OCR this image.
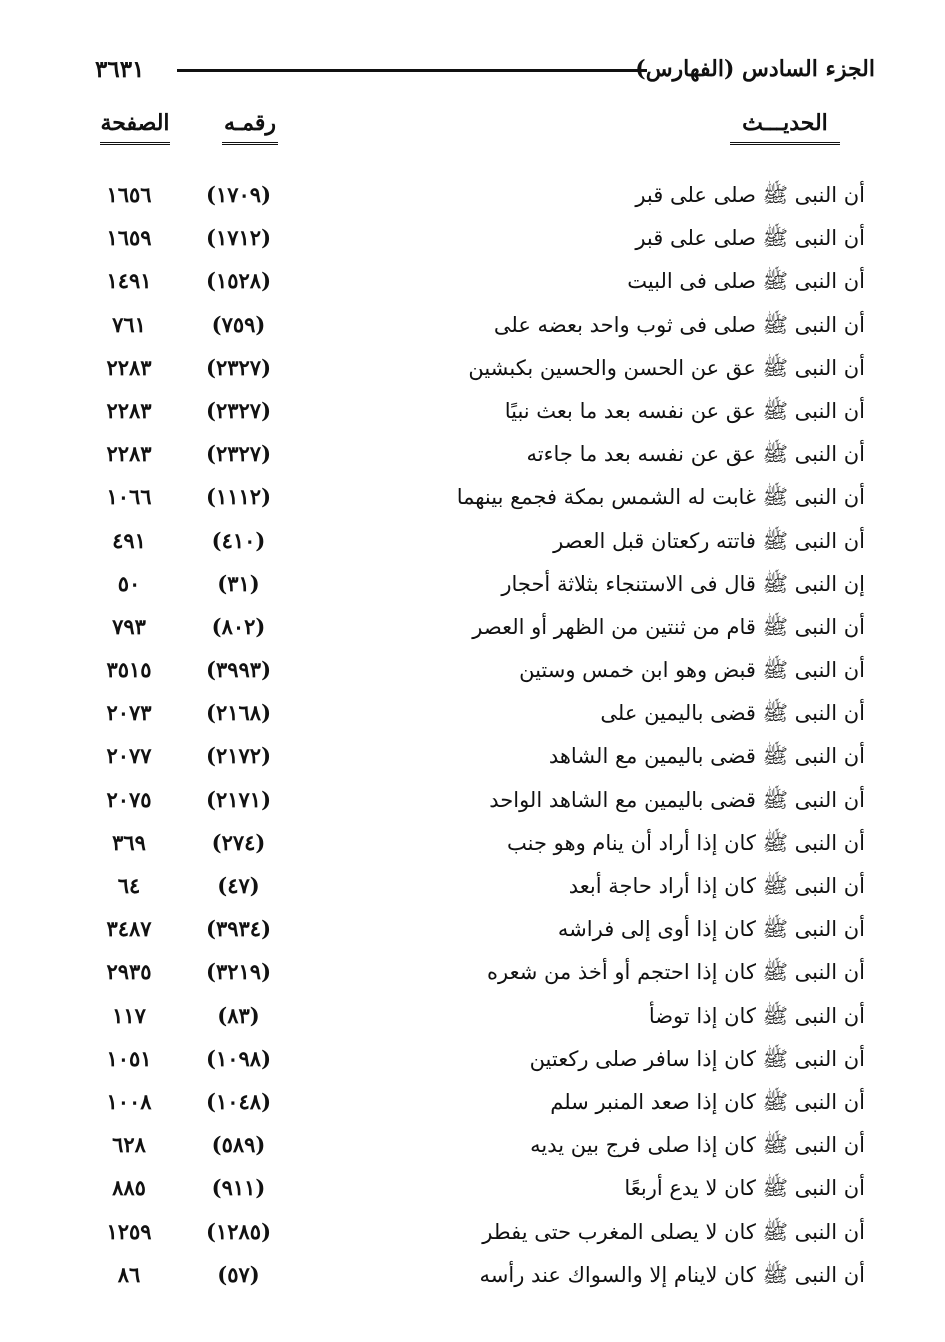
٣٦٣١	الجزء السادس (الفهارس)
الحديـــث
رقمـه
الصفحة
أن النبى ﷺ صلى على قبر
(١٧٠٩)
١٦٥٦
أن النبى ﷺ صلى على قبر
(١٧١٢)
١٦٥٩
أن النبى ﷺ صلى فى البيت
(١٥٢٨)
١٤٩١
أن النبى ﷺ صلى فى ثوب واحد بعضه على
(٧٥٩)
٧٦١
أن النبى ﷺ عق عن الحسن والحسين بكبشين
(٢٣٢٧)
٢٢٨٣
أن النبى ﷺ عق عن نفسه بعد ما بعث نبيًا
(٢٣٢٧)
٢٢٨٣
أن النبى ﷺ عق عن نفسه بعد ما جاءته
(٢٣٢٧)
٢٢٨٣
أن النبى ﷺ غابت له الشمس بمكة فجمع بينهما
(١١١٢)
١٠٦٦
أن النبى ﷺ فاتته ركعتان قبل العصر
(٤١٠)
٤٩١
إن النبى ﷺ قال فى الاستنجاء بثلاثة أحجار
(٣١)
٥٠
أن النبى ﷺ قام من ثنتين من الظهر أو العصر
(٨٠٢)
٧٩٣
أن النبى ﷺ قبض وهو ابن خمس وستين
(٣٩٩٣)
٣٥١٥
أن النبى ﷺ قضى باليمين على
(٢١٦٨)
٢٠٧٣
أن النبى ﷺ قضى باليمين مع الشاهد
(٢١٧٢)
٢٠٧٧
أن النبى ﷺ قضى باليمين مع الشاهد الواحد
(٢١٧١)
٢٠٧٥
أن النبى ﷺ كان إذا أراد أن ينام وهو جنب
(٢٧٤)
٣٦٩
أن النبى ﷺ كان إذا أراد حاجة أبعد
(٤٧)
٦٤
أن النبى ﷺ كان إذا أوى إلى فراشه
(٣٩٣٤)
٣٤٨٧
أن النبى ﷺ كان إذا احتجم أو أخذ من شعره
(٣٢١٩)
٢٩٣٥
أن النبى ﷺ كان إذا توضأ
(٨٣)
١١٧
أن النبى ﷺ كان إذا سافر صلى ركعتين
(١٠٩٨)
١٠٥١
أن النبى ﷺ كان إذا صعد المنبر سلم
(١٠٤٨)
١٠٠٨
أن النبى ﷺ كان إذا صلى فرج بين يديه
(٥٨٩)
٦٢٨
أن النبى ﷺ كان لا يدع أربعًا
(٩١١)
٨٨٥
أن النبى ﷺ كان لا يصلى المغرب حتى يفطر
(١٢٨٥)
١٢٥٩
أن النبى ﷺ كان لاينام إلا والسواك عند رأسه
(٥٧)
٨٦
